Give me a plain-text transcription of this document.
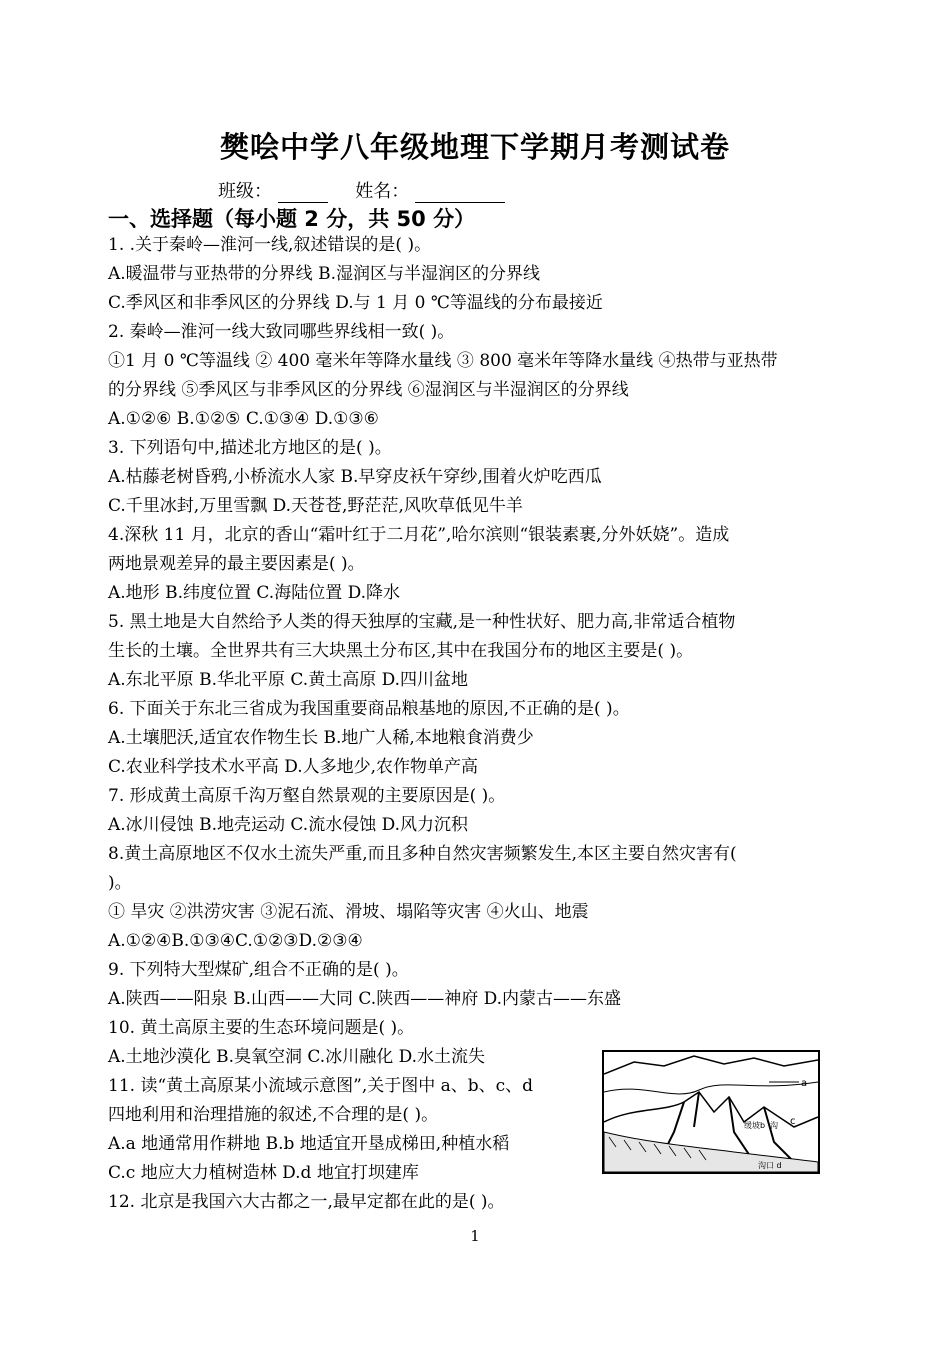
樊哙中学八年级地理下学期月考测试卷
班级：	姓名：
一、选择题（每小题 2 分，共 50 分）
1. .关于秦岭—淮河一线,叙述错误的是( )。
A.暖温带与亚热带的分界线 B.湿润区与半湿润区的分界线
C.季风区和非季风区的分界线 D.与 1 月 0 ℃等温线的分布最接近
2. 秦岭—淮河一线大致同哪些界线相一致( )。
①1 月 0 ℃等温线 ② 400 毫米年等降水量线 ③ 800 毫米年等降水量线 ④热带与亚热带
的分界线 ⑤季风区与非季风区的分界线 ⑥湿润区与半湿润区的分界线
A.①②⑥ B.①②⑤ C.①③④ D.①③⑥
3. 下列语句中,描述北方地区的是( )。
A.枯藤老树昏鸦,小桥流水人家 B.早穿皮袄午穿纱,围着火炉吃西瓜
C.千里冰封,万里雪飘 D.天苍苍,野茫茫,风吹草低见牛羊
4.深秋 11 月，北京的香山“霜叶红于二月花”,哈尔滨则“银装素裹,分外妖娆”。造成
两地景观差异的最主要因素是( )。
A.地形 B.纬度位置 C.海陆位置 D.降水
5. 黑土地是大自然给予人类的得天独厚的宝藏,是一种性状好、肥力高,非常适合植物
生长的土壤。全世界共有三大块黑土分布区,其中在我国分布的地区主要是( )。
A.东北平原 B.华北平原 C.黄土高原 D.四川盆地
6. 下面关于东北三省成为我国重要商品粮基地的原因,不正确的是( )。
A.土壤肥沃,适宜农作物生长 B.地广人稀,本地粮食消费少
C.农业科学技术水平高 D.人多地少,农作物单产高
7. 形成黄土高原千沟万壑自然景观的主要原因是( )。
A.冰川侵蚀 B.地壳运动 C.流水侵蚀 D.风力沉积
8.黄土高原地区不仅水土流失严重,而且多种自然灾害频繁发生,本区主要自然灾害有(
)。
① 旱灾 ②洪涝灾害 ③泥石流、滑坡、塌陷等灾害 ④火山、地震
A.①②④B.①③④C.①②③D.②③④
9. 下列特大型煤矿,组合不正确的是( )。
A.陕西——阳泉 B.山西——大同 C.陕西——神府 D.内蒙古——东盛
10. 黄土高原主要的生态环境问题是( )。
A.土地沙漠化 B.臭氧空洞 C.冰川融化 D.水土流失
11. 读“黄土高原某小流域示意图”,关于图中 a、b、c、d
四地利用和治理措施的叙述,不合理的是( )。
A.a 地通常用作耕地 B.b 地适宜开垦成梯田,种植水稻
C.c 地应大力植树造林 D.d 地宜打坝建库
12. 北京是我国六大古都之一,最早定都在此的是( )。
a
缓坡b c
沟
沟口 d
1
